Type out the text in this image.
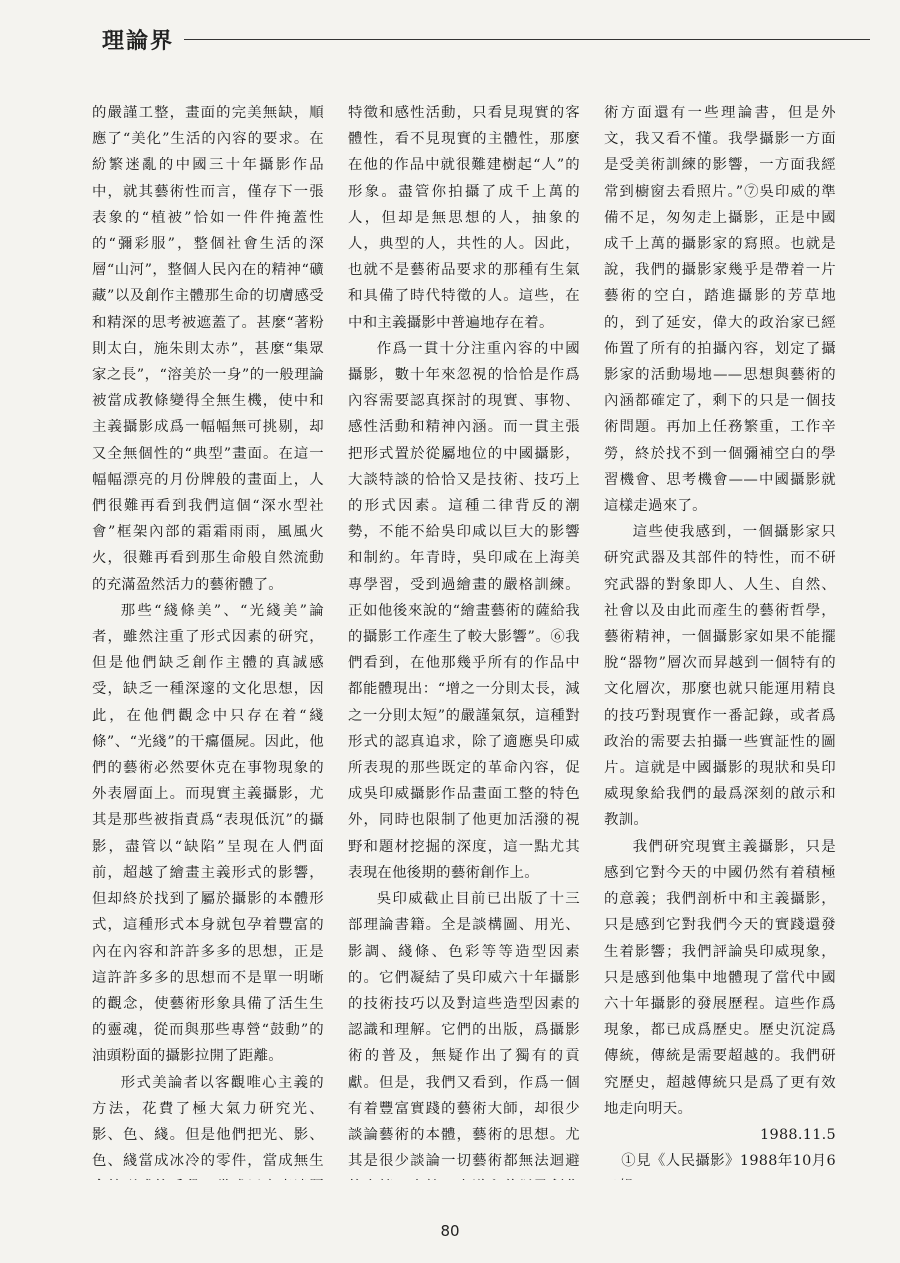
理論界

的嚴謹工整，畫面的完美無缺，順應了“美化”生活的內容的要求。在紛繁迷亂的中國三十年攝影作品中，就其藝術性而言，僅存下一張表象的“植被”恰如一件件掩蓋性的“彌彩服”，整個社會生活的深層“山河”，整個人民內在的精神“礦藏”以及創作主體那生命的切膚感受和精深的思考被遮蓋了。甚麼“著粉則太白，施朱則太赤”，甚麼“集眾家之長”，“溶美於一身”的一般理論被當成教條變得全無生機，使中和主義攝影成爲一幅幅無可挑剔，却又全無個性的“典型”畫面。在這一幅幅漂亮的月份牌般的畫面上，人們很難再看到我們這個“深水型社會”框架內部的霜霜雨雨，風風火火，很難再看到那生命般自然流動的充滿盈然活力的藝術體了。

那些“綫條美”、“光綫美”論者，雖然注重了形式因素的研究，但是他們缺乏創作主體的真誠感受，缺乏一種深邃的文化思想，因此，在他們觀念中只存在着“綫條”、“光綫”的干癟僵屍。因此，他們的藝術必然要休克在事物現象的外表層面上。而現實主義攝影，尤其是那些被指責爲“表現低沉”的攝影，盡管以“缺陷”呈現在人們面前，超越了繪畫主義形式的影響，但却終於找到了屬於攝影的本體形式，這種形式本身就包孕着豐富的內在內容和許許多多的思想，正是這許許多多的思想而不是單一明晰的觀念，使藝術形象具備了活生生的靈魂，從而與那些專營“鼓動”的油頭粉面的攝影拉開了距離。

形式美論者以客觀唯心主義的方法，花費了極大氣力研究光、影、色、綫。但是他們把光、影、色、綫當成冰冷的零件，當成無生

特徵和感性活動，只看見現實的客體性，看不見現實的主體性，那麼在他的作品中就很難建樹起“人”的形象。盡管你拍攝了成千上萬的人，但却是無思想的人，抽象的人，典型的人，共性的人。因此，也就不是藝術品要求的那種有生氣和具備了時代特徵的人。這些，在中和主義攝影中普遍地存在着。

作爲一貫十分注重內容的中國攝影，數十年來忽視的恰恰是作爲內容需要認真探討的現實、事物、感性活動和精神內涵。而一貫主張把形式置於從屬地位的中國攝影，大談特談的恰恰又是技術、技巧上的形式因素。這種二律背反的潮勢，不能不給吳印咸以巨大的影響和制約。年青時，吳印咸在上海美專學習，受到過繪畫的嚴格訓練。正如他後來說的“繪畫藝術的薩給我的攝影工作產生了較大影響”。⑥我們看到，在他那幾乎所有的作品中都能體現出：“增之一分則太長，減之一分則太短”的嚴謹氣氛，這種對形式的認真追求，除了適應吳印威所表現的那些既定的革命內容，促成吳印威攝影作品畫面工整的特色外，同時也限制了他更加活潑的視野和題材挖掘的深度，這一點尤其表現在他後期的藝術創作上。

吳印威截止目前已出版了十三部理論書籍。全是談構圖、用光、影調、綫條、色彩等等造型因素的。它們凝結了吳印威六十年攝影的技術技巧以及對這些造型因素的認識和理解。它們的出版，爲攝影術的普及，無疑作出了獨有的貢獻。但是，我們又看到，作爲一個有着豐富實踐的藝術大師，却很少談論藝術的本體，藝術的思想。尤其是很少談論一切藝術都無法迴避

術方面還有一些理論書，但是外文，我又看不懂。我學攝影一方面是受美術訓練的影響，一方面我經常到櫥窗去看照片。”⑦吳印威的準備不足，匆匆走上攝影，正是中國成千上萬的攝影家的寫照。也就是說，我們的攝影家幾乎是帶着一片藝術的空白，踏進攝影的芳草地的，到了延安，偉大的政治家已經佈置了所有的拍攝內容，划定了攝影家的活動場地——思想與藝術的內涵都確定了，剩下的只是一個技術問題。再加上任務繁重，工作辛勞，終於找不到一個彌補空白的學習機會、思考機會——中國攝影就這樣走過來了。

這些使我感到，一個攝影家只研究武器及其部件的特性，而不研究武器的對象即人、人生、自然、社會以及由此而產生的藝術哲學，藝術精神，一個攝影家如果不能擺脫“器物”層次而昇越到一個特有的文化層次，那麼也就只能運用精良的技巧對現實作一番記錄，或者爲政治的需要去拍攝一些實証性的圖片。這就是中國攝影的現狀和吳印威現象給我們的最爲深刻的啟示和教訓。

我們研究現實主義攝影，只是感到它對今天的中國仍然有着積極的意義；我們剖析中和主義攝影，只是感到它對我們今天的實踐還發生着影響；我們評論吳印威現象，只是感到他集中地體現了當代中國六十年攝影的發展歷程。這些作爲現象，都已成爲歷史。歷史沉淀爲傳統，傳統是需要超越的。我們研究歷史，超越傳統只是爲了更有效地走向明天。

1988.11.5

①見《人民攝影》1988年10月6

80
